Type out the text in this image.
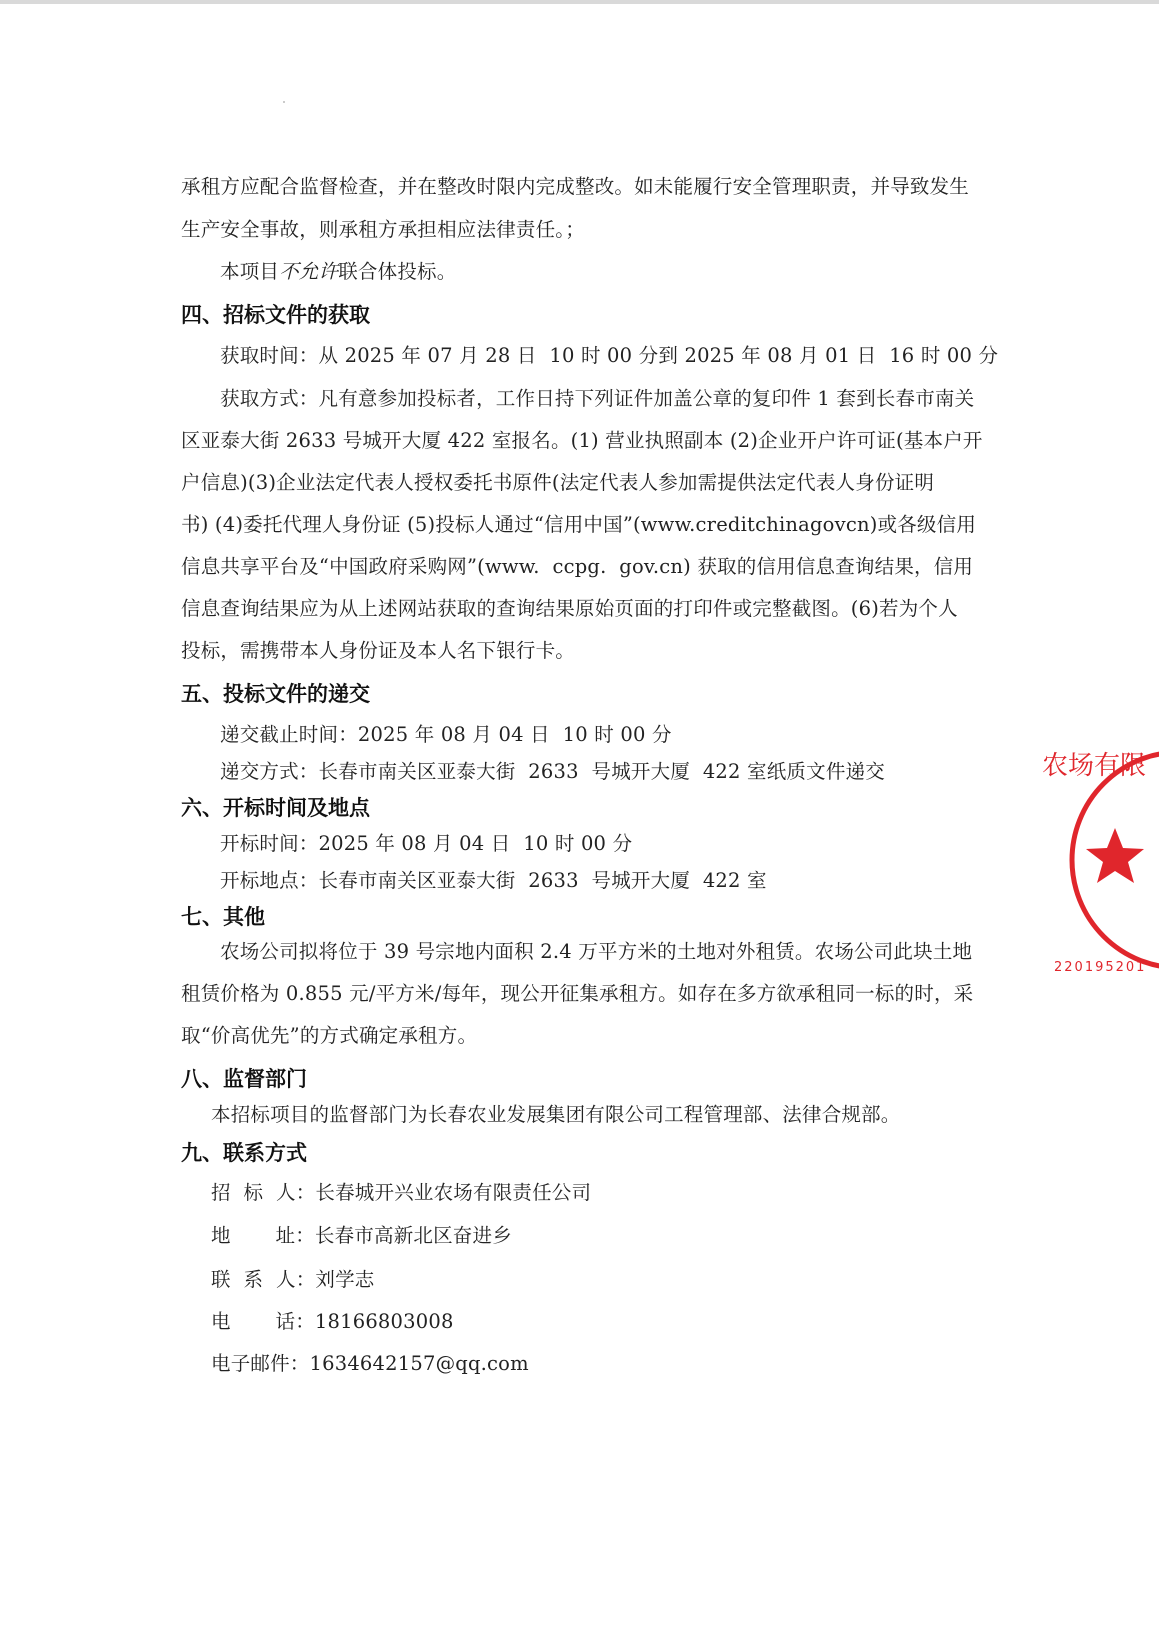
承租方应配合监督检查，并在整改时限内完成整改。如未能履行安全管理职责，并导致发生
生产安全事故，则承租方承担相应法律责任。；
本项目不允许联合体投标。
四、招标文件的获取
获取时间：从 2025 年 07 月 28 日  10 时 00 分到 2025 年 08 月 01 日  16 时 00 分
获取方式：凡有意参加投标者，工作日持下列证件加盖公章的复印件 1 套到长春市南关
区亚泰大街 2633 号城开大厦 422 室报名。(1) 营业执照副本 (2)企业开户许可证(基本户开
户信息)(3)企业法定代表人授权委托书原件(法定代表人参加需提供法定代表人身份证明
书) (4)委托代理人身份证 (5)投标人通过“信用中国”(www.creditchinagovcn)或各级信用
信息共享平台及“中国政府采购网”(www.  ccpg.  gov.cn) 获取的信用信息查询结果，信用
信息查询结果应为从上述网站获取的查询结果原始页面的打印件或完整截图。(6)若为个人
投标，需携带本人身份证及本人名下银行卡。
五、投标文件的递交
递交截止时间：2025 年 08 月 04 日  10 时 00 分
递交方式：长春市南关区亚泰大街  2633  号城开大厦  422 室纸质文件递交
六、开标时间及地点
开标时间：2025 年 08 月 04 日  10 时 00 分
开标地点：长春市南关区亚泰大街  2633  号城开大厦  422 室
七、其他
农场公司拟将位于 39 号宗地内面积 2.4 万平方米的土地对外租赁。农场公司此块土地
租赁价格为 0.855 元/平方米/每年，现公开征集承租方。如存在多方欲承租同一标的时，采
取“价高优先”的方式确定承租方。
八、监督部门
本招标项目的监督部门为长春农业发展集团有限公司工程管理部、法律合规部。
九、联系方式
招  标  人：长春城开兴业农场有限责任公司
地       址：长春市高新北区奋进乡
联  系  人：刘学志
电       话：18166803008
电子邮件：1634642157@qq.com
农场有限
220195201
